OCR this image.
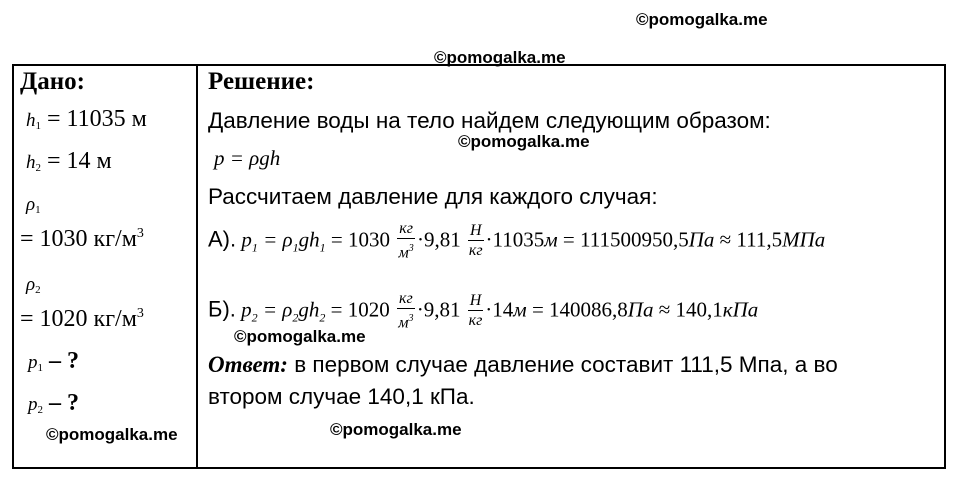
©pomogalka.me
©pomogalka.me
©pomogalka.me
©pomogalka.me
©pomogalka.me	©pomogalka.me
Дано:
$h_1 = 11035$ м
$h_2 = 14$ м
$\rho_1$
= 1030 $кг/м^3$
$\rho_2$
= 1020 $кг/м^3$
$p_1$ – ?
$p_2$ – ?
Решение:
Давление воды на тело найдем следующим образом:
p = ρgh
Рассчитаем давление для каждого случая:
А). $p_1 = \rho_1gh_1 = 1030 \frac{кг}{м^3} \cdot 9,81 \frac{Н}{кг} \cdot 11035м = 111500950,5Па \approx 111,5МПа$
Б). $p_2 = \rho_2gh_2 = 1020 \frac{кг}{м^3} \cdot 9,81 \frac{Н}{кг} \cdot 14м = 140086,8Па \approx 140,1кПа$
Ответ: в первом случае давление составит 111,5 Мпа, а во
втором случае 140,1 кПа.
